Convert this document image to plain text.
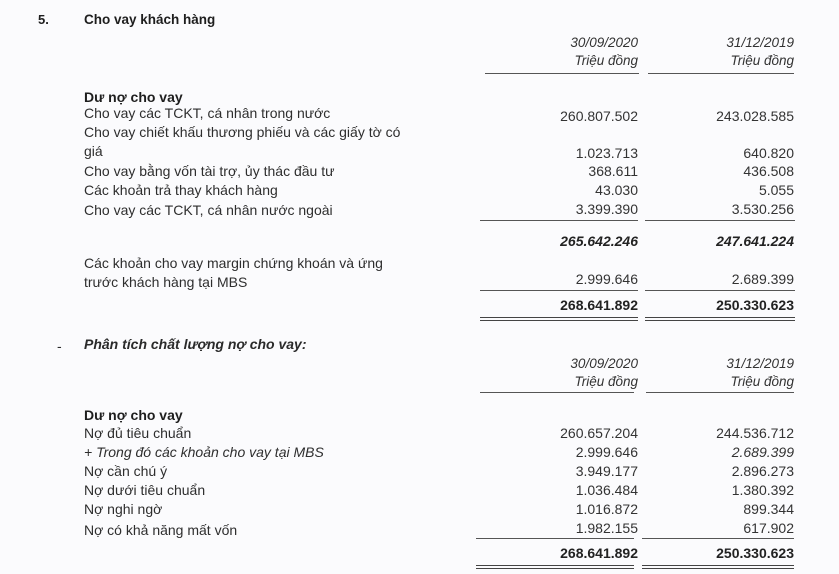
5.	Cho vay khách hàng
30/09/2020
Triệu đồng
31/12/2019
Triệu đồng
Dư nợ cho vay
Cho vay các TCKT, cá nhân trong nước	260.807.502	243.028.585
Cho vay chiết khấu thương phiếu và các giấy tờ có
giá	1.023.713	640.820
Cho vay bằng vốn tài trợ, ủy thác đầu tư	368.611	436.508
Các khoản trả thay khách hàng	43.030	5.055
Cho vay các TCKT, cá nhân nước ngoài	3.399.390	3.530.256
265.642.246	247.641.224
Các khoản cho vay margin chứng khoán và ứng
trước khách hàng tại MBS	2.999.646	2.689.399
268.641.892	250.330.623
- Phân tích chất lượng nợ cho vay:
30/09/2020
Triệu đồng
31/12/2019
Triệu đồng
Dư nợ cho vay
Nợ đủ tiêu chuẩn	260.657.204	244.536.712
+ Trong đó các khoản cho vay tại MBS	2.999.646	2.689.399
Nợ cần chú ý	3.949.177	2.896.273
Nợ dưới tiêu chuẩn	1.036.484	1.380.392
Nợ nghi ngờ	1.016.872	899.344
Nợ có khả năng mất vốn	1.982.155	617.902
268.641.892	250.330.623
